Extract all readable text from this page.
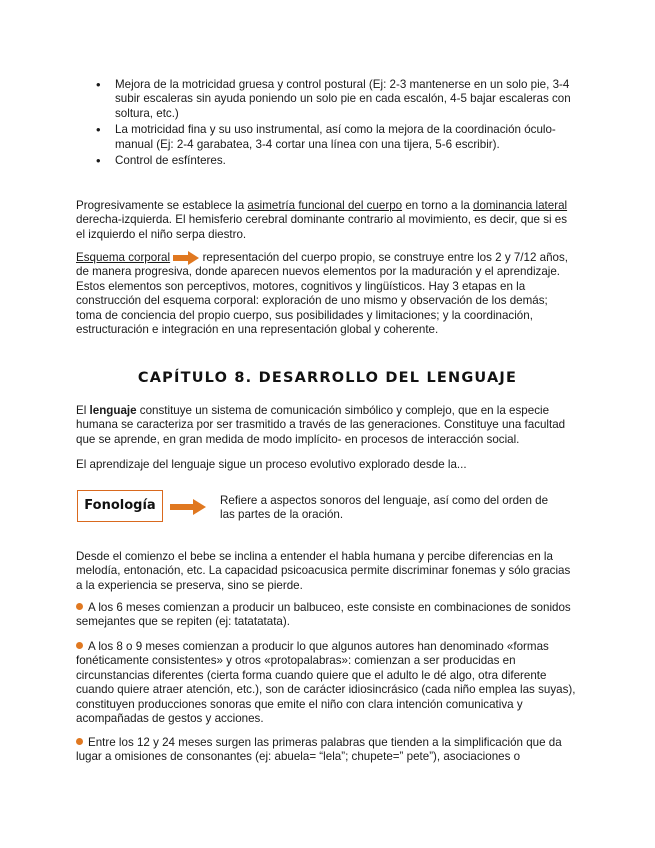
• Mejora de la motricidad gruesa y control postural (Ej: 2-3 mantenerse en un solo pie, 3-4 subir escaleras sin ayuda poniendo un solo pie en cada escalón, 4-5 bajar escaleras con soltura, etc.)
• La motricidad fina y su uso instrumental, así como la mejora de la coordinación óculo-manual (Ej: 2-4 garabatea, 3-4 cortar una línea con una tijera, 5-6 escribir).
• Control de esfínteres.

Progresivamente se establece la asimetría funcional del cuerpo en torno a la dominancia lateral derecha-izquierda. El hemisferio cerebral dominante contrario al movimiento, es decir, que si es el izquierdo el niño serpa diestro.

Esquema corporal	representación del cuerpo propio, se construye entre los 2 y 7/12 años, de manera progresiva, donde aparecen nuevos elementos por la maduración y el aprendizaje. Estos elementos son perceptivos, motores, cognitivos y lingüísticos. Hay 3 etapas en la construcción del esquema corporal: exploración de uno mismo y observación de los demás; toma de conciencia del propio cuerpo, sus posibilidades y limitaciones; y la coordinación, estructuración e integración en una representación global y coherente.

CAPÍTULO 8. DESARROLLO DEL LENGUAJE

El lenguaje constituye un sistema de comunicación simbólico y complejo, que en la especie humana se caracteriza por ser trasmitido a través de las generaciones. Constituye una facultad que se aprende, en gran medida de modo implícito- en procesos de interacción social.

El aprendizaje del lenguaje sigue un proceso evolutivo explorado desde la...

Fonología	Refiere a aspectos sonoros del lenguaje, así como del orden de las partes de la oración.

Desde el comienzo el bebe se inclina a entender el habla humana y percibe diferencias en la melodía, entonación, etc. La capacidad psicoacusica permite discriminar fonemas y sólo gracias a la experiencia se preserva, sino se pierde.

A los 6 meses comienzan a producir un balbuceo, este consiste en combinaciones de sonidos semejantes que se repiten (ej: tatatatata).

A los 8 o 9 meses comienzan a producir lo que algunos autores han denominado «formas fonéticamente consistentes» y otros «protopalabras»: comienzan a ser producidas en circunstancias diferentes (cierta forma cuando quiere que el adulto le dé algo, otra diferente cuando quiere atraer atención, etc.), son de carácter idiosincrásico (cada niño emplea las suyas), constituyen producciones sonoras que emite el niño con clara intención comunicativa y acompañadas de gestos y acciones.

Entre los 12 y 24 meses surgen las primeras palabras que tienden a la simplificación que da lugar a omisiones de consonantes (ej: abuela= “lela”; chupete=” pete”), asociaciones o
